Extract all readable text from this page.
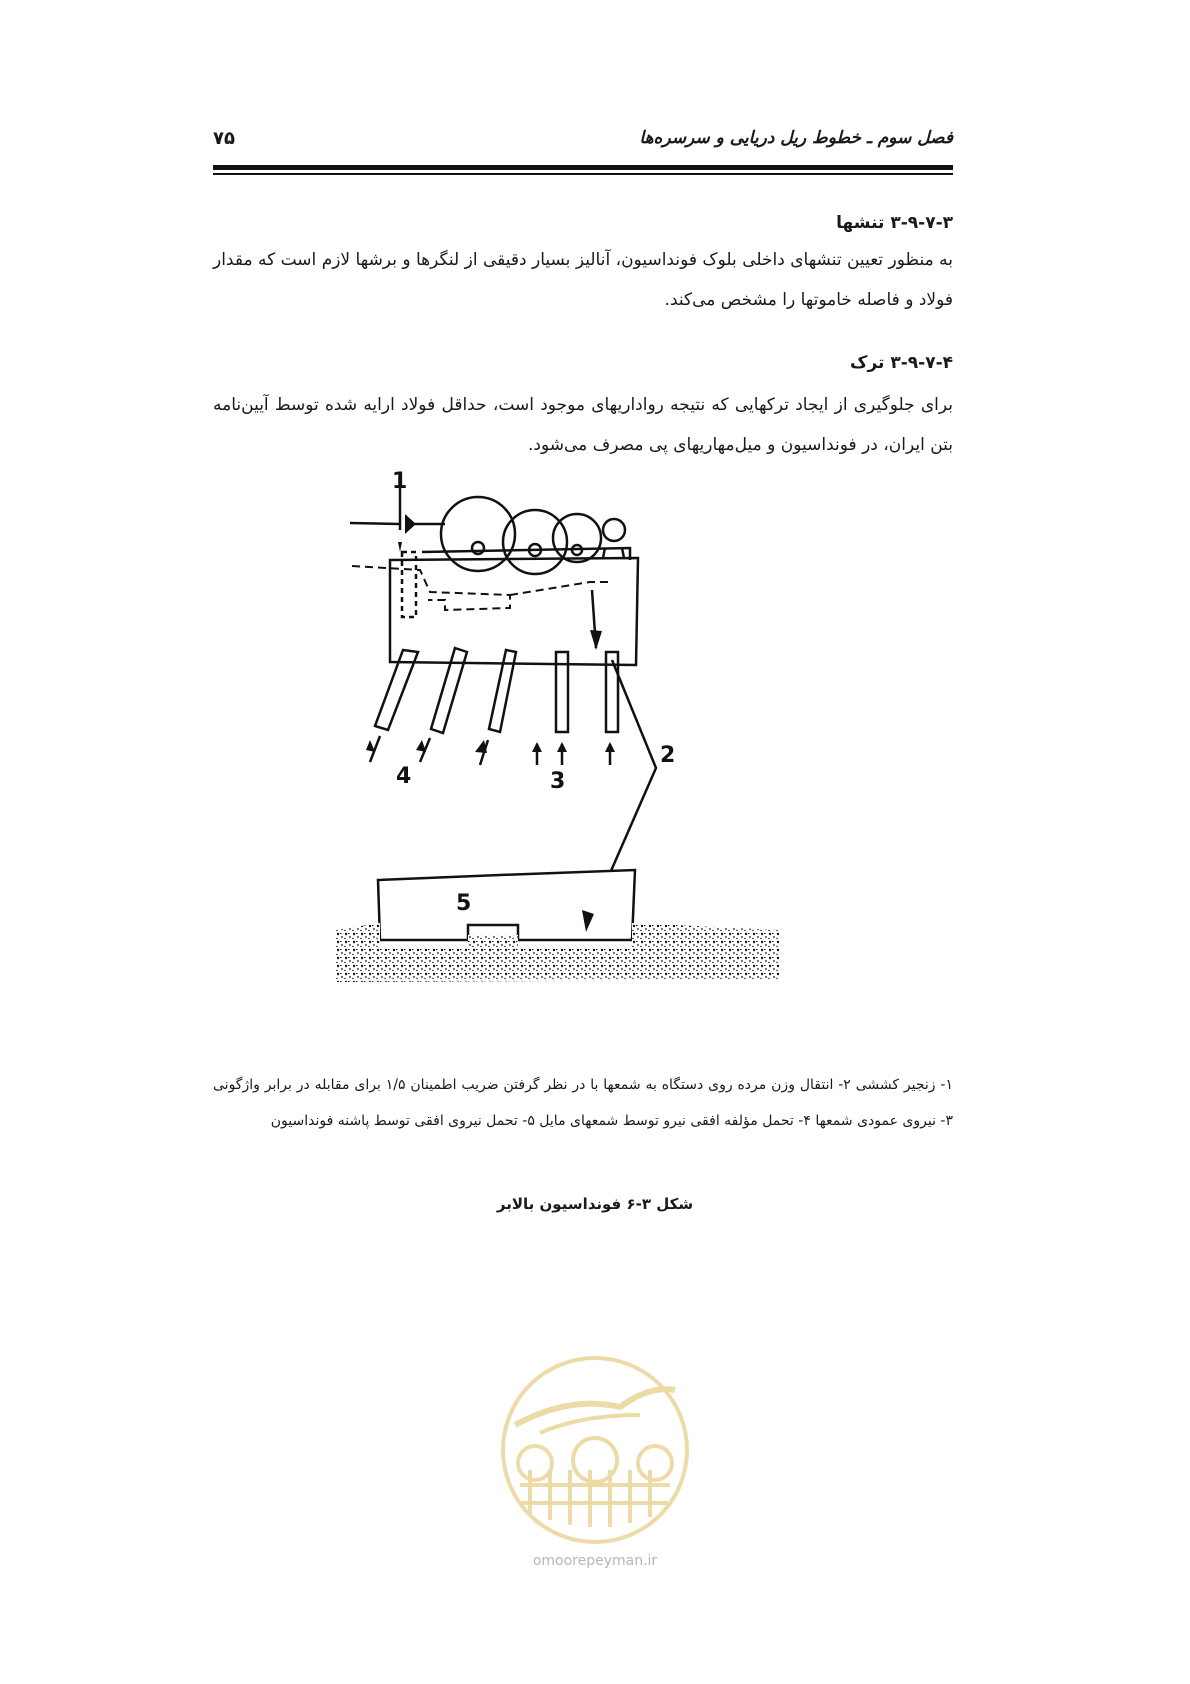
فصل سوم ـ خطوط ریل دریایی و سرسره‌ها
۷۵
۳-۹-۷-۳ تنشها
به منظور تعیین تنشهای داخلی بلوک فونداسیون، آنالیز بسیار دقیقی از لنگرها و برشها لازم است که مقدار فولاد و فاصله خاموتها را مشخص می‌کند.
۳-۹-۷-۴ ترک
برای جلوگیری از ایجاد ترکهایی که نتیجه رواداریهای موجود است، حداقل فولاد ارایه شده توسط آیین‌نامه بتن ایران، در فونداسیون و میل‌مهاریهای پی مصرف می‌شود.
1
2
3
4
5
۱- زنجیر کششی ۲- انتقال وزن مرده روی دستگاه به شمعها با در نظر گرفتن ضریب اطمینان ۱/۵ برای مقابله در برابر واژگونی ۳- نیروی عمودی شمعها ۴- تحمل مؤلفه افقی نیرو توسط شمعهای مایل ۵- تحمل نیروی افقی توسط پاشنه فونداسیون
شکل ۳-۶ فونداسیون بالابر
omoorepeyman.ir
